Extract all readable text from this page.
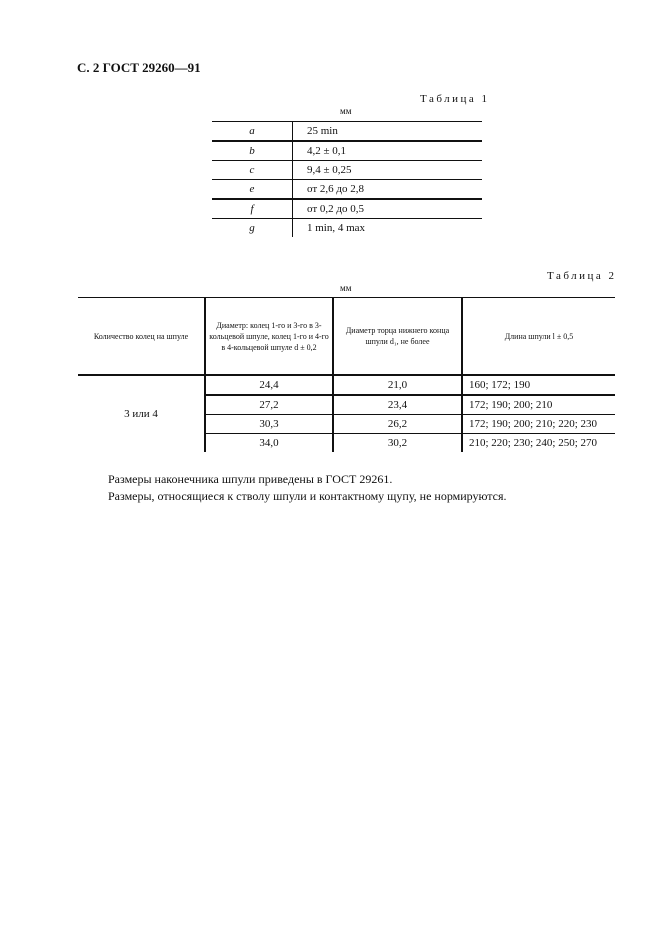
С. 2 ГОСТ 29260—91
Таблица 1
мм
a	25 min
b	4,2 ± 0,1
c	9,4 ± 0,25
e	от 2,6 до 2,8
f	от 0,2 до 0,5
g	1 min, 4 max
Таблица 2
мм
Количество колец на шпуле	Диаметр: колец 1-го и 3-го в 3-кольцевой шпуле, колец 1-го и 4-го в 4-кольцевой шпуле d ± 0,2	Диаметр торца нижнего конца шпули d₁, не более	Длина шпули l ± 0,5
3 или 4	24,4	21,0	160; 172; 190
	27,2	23,4	172; 190; 200; 210
	30,3	26,2	172; 190; 200; 210; 220; 230
	34,0	30,2	210; 220; 230; 240; 250; 270
Размеры наконечника шпули приведены в ГОСТ 29261.
Размеры, относящиеся к стволу шпули и контактному щупу, не нормируются.
